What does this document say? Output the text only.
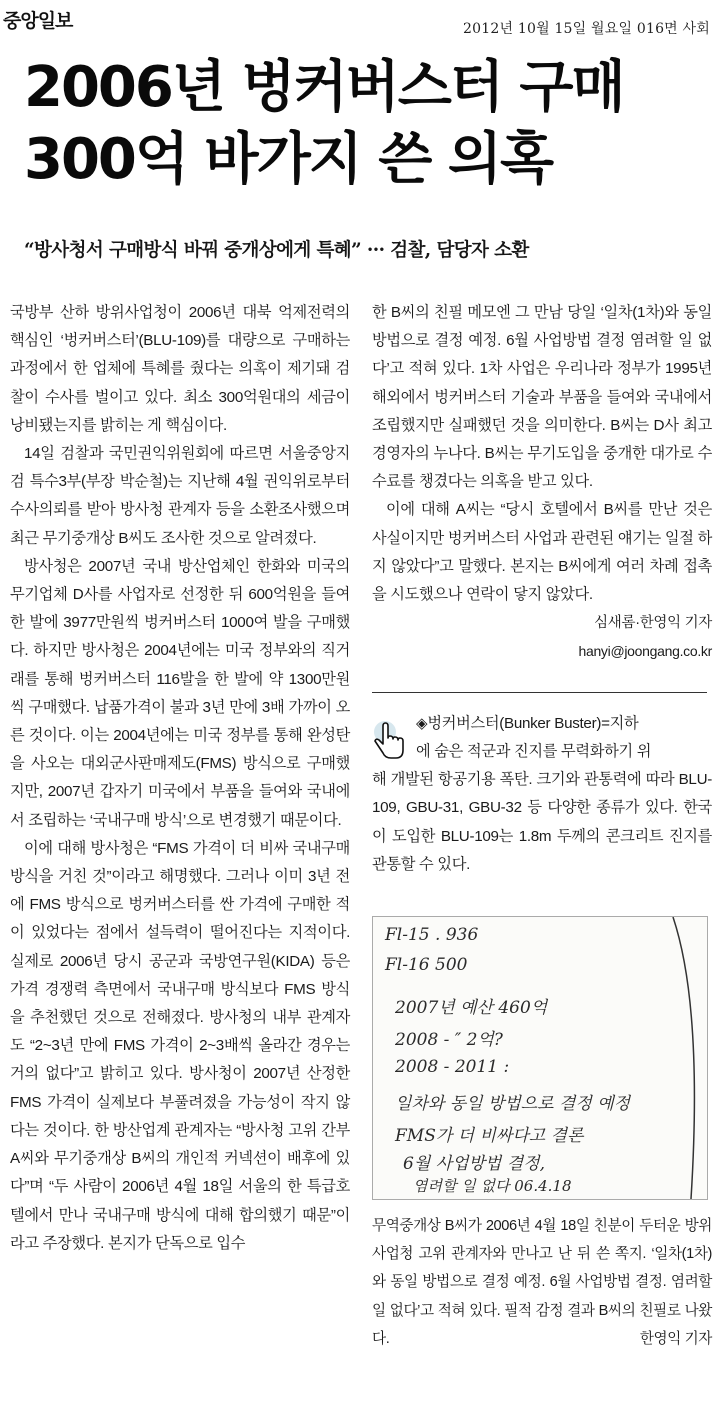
중앙일보	2012년 10월 15일 월요일 016면 사회
2006년 벙커버스터 구매
300억 바가지 쓴 의혹
“방사청서 구매방식 바꿔 중개상에게 특혜” ··· 검찰, 담당자 소환

국방부 산하 방위사업청이 2006년 대북 억제전력의 핵심인 ‘벙커버스터’(BLU-109)를 대량으로 구매하는 과정에서 한 업체에 특혜를 줬다는 의혹이 제기돼 검찰이 수사를 벌이고 있다. 최소 300억원대의 세금이 낭비됐는지를 밝히는 게 핵심이다.

14일 검찰과 국민권익위원회에 따르면 서울중앙지검 특수3부(부장 박순철)는 지난해 4월 권익위로부터 수사의뢰를 받아 방사청 관계자 등을 소환조사했으며 최근 무기중개상 B씨도 조사한 것으로 알려졌다.

방사청은 2007년 국내 방산업체인 한화와 미국의 무기업체 D사를 사업자로 선정한 뒤 600억원을 들여 한 발에 3977만원씩 벙커버스터 1000여 발을 구매했다. 하지만 방사청은 2004년에는 미국 정부와의 직거래를 통해 벙커버스터 116발을 한 발에 약 1300만원씩 구매했다. 납품가격이 불과 3년 만에 3배 가까이 오른 것이다. 이는 2004년에는 미국 정부를 통해 완성탄을 사오는 대외군사판매제도(FMS) 방식으로 구매했지만, 2007년 갑자기 미국에서 부품을 들여와 국내에서 조립하는 ‘국내구매 방식’으로 변경했기 때문이다.

이에 대해 방사청은 “FMS 가격이 더 비싸 국내구매 방식을 거친 것”이라고 해명했다. 그러나 이미 3년 전에 FMS 방식으로 벙커버스터를 싼 가격에 구매한 적이 있었다는 점에서 설득력이 떨어진다는 지적이다. 실제로 2006년 당시 공군과 국방연구원(KIDA) 등은 가격 경쟁력 측면에서 국내구매 방식보다 FMS 방식을 추천했던 것으로 전해졌다. 방사청의 내부 관계자도 “2~3년 만에 FMS 가격이 2~3배씩 올라간 경우는 거의 없다”고 밝히고 있다. 방사청이 2007년 산정한 FMS 가격이 실제보다 부풀려졌을 가능성이 작지 않다는 것이다. 한 방산업계 관계자는 “방사청 고위 간부 A씨와 무기중개상 B씨의 개인적 커넥션이 배후에 있다”며 “두 사람이 2006년 4월 18일 서울의 한 특급호텔에서 만나 국내구매 방식에 대해 합의했기 때문”이라고 주장했다. 본지가 단독으로 입수

한 B씨의 친필 메모엔 그 만남 당일 ‘일차(1차)와 동일 방법으로 결정 예정. 6월 사업방법 결정 염려할 일 없다’고 적혀 있다. 1차 사업은 우리나라 정부가 1995년 해외에서 벙커버스터 기술과 부품을 들여와 국내에서 조립했지만 실패했던 것을 의미한다. B씨는 D사 최고경영자의 누나다. B씨는 무기도입을 중개한 대가로 수수료를 챙겼다는 의혹을 받고 있다.

이에 대해 A씨는 “당시 호텔에서 B씨를 만난 것은 사실이지만 벙커버스터 사업과 관련된 얘기는 일절 하지 않았다”고 말했다. 본지는 B씨에게 여러 차례 접촉을 시도했으나 연락이 닿지 않았다.

심새롬·한영익 기자

hanyi@joongang.co.kr

◈벙커버스터(Bunker Buster)=지하
에 숨은 적군과 진지를 무력화하기 위
해 개발된 항공기용 폭탄. 크기와 관통력에 따라 BLU-109, GBU-31, GBU-32 등 다양한 종류가 있다. 한국이 도입한 BLU-109는 1.8m 두께의 콘크리트 진지를 관통할 수 있다.
Fl-15 . 936
Fl-16 500
2007년 예산 460억
2008 - ″ 2억?
2008 - 2011 :
일차와 동일 방법으로 결정 예정
FMS가 더 비싸다고 결론
6월 사업방법 결정,
염려할 일 없다 06.4.18
무역중개상 B씨가 2006년 4월 18일 친분이 두터운 방위사업청 고위 관계자와 만나고 난 뒤 쓴 쪽지. ‘일차(1차)와 동일 방법으로 결정 예정. 6월 사업방법 결정. 염려할 일 없다’고 적혀 있다. 필적 감정 결과 B씨의 친필로 나왔다.	한영익 기자
